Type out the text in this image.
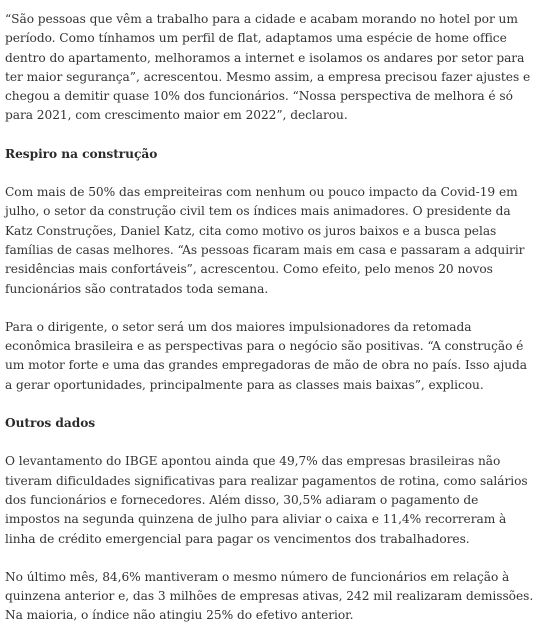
“São pessoas que vêm a trabalho para a cidade e acabam morando no hotel por um período. Como tínhamos um perfil de flat, adaptamos uma espécie de home office dentro do apartamento, melhoramos a internet e isolamos os andares por setor para ter maior segurança”, acrescentou. Mesmo assim, a empresa precisou fazer ajustes e chegou a demitir quase 10% dos funcionários. “Nossa perspectiva de melhora é só para 2021, com crescimento maior em 2022”, declarou.

Respiro na construção

Com mais de 50% das empreiteiras com nenhum ou pouco impacto da Covid-19 em julho, o setor da construção civil tem os índices mais animadores. O presidente da Katz Construções, Daniel Katz, cita como motivo os juros baixos e a busca pelas famílias de casas melhores. “As pessoas ficaram mais em casa e passaram a adquirir residências mais confortáveis”, acrescentou. Como efeito, pelo menos 20 novos funcionários são contratados toda semana.

Para o dirigente, o setor será um dos maiores impulsionadores da retomada econômica brasileira e as perspectivas para o negócio são positivas. “A construção é um motor forte e uma das grandes empregadoras de mão de obra no país. Isso ajuda a gerar oportunidades, principalmente para as classes mais baixas”, explicou.

Outros dados

O levantamento do IBGE apontou ainda que 49,7% das empresas brasileiras não tiveram dificuldades significativas para realizar pagamentos de rotina, como salários dos funcionários e fornecedores. Além disso, 30,5% adiaram o pagamento de impostos na segunda quinzena de julho para aliviar o caixa e 11,4% recorreram à linha de crédito emergencial para pagar os vencimentos dos trabalhadores.

No último mês, 84,6% mantiveram o mesmo número de funcionários em relação à quinzena anterior e, das 3 milhões de empresas ativas, 242 mil realizaram demissões. Na maioria, o índice não atingiu 25% do efetivo anterior.
